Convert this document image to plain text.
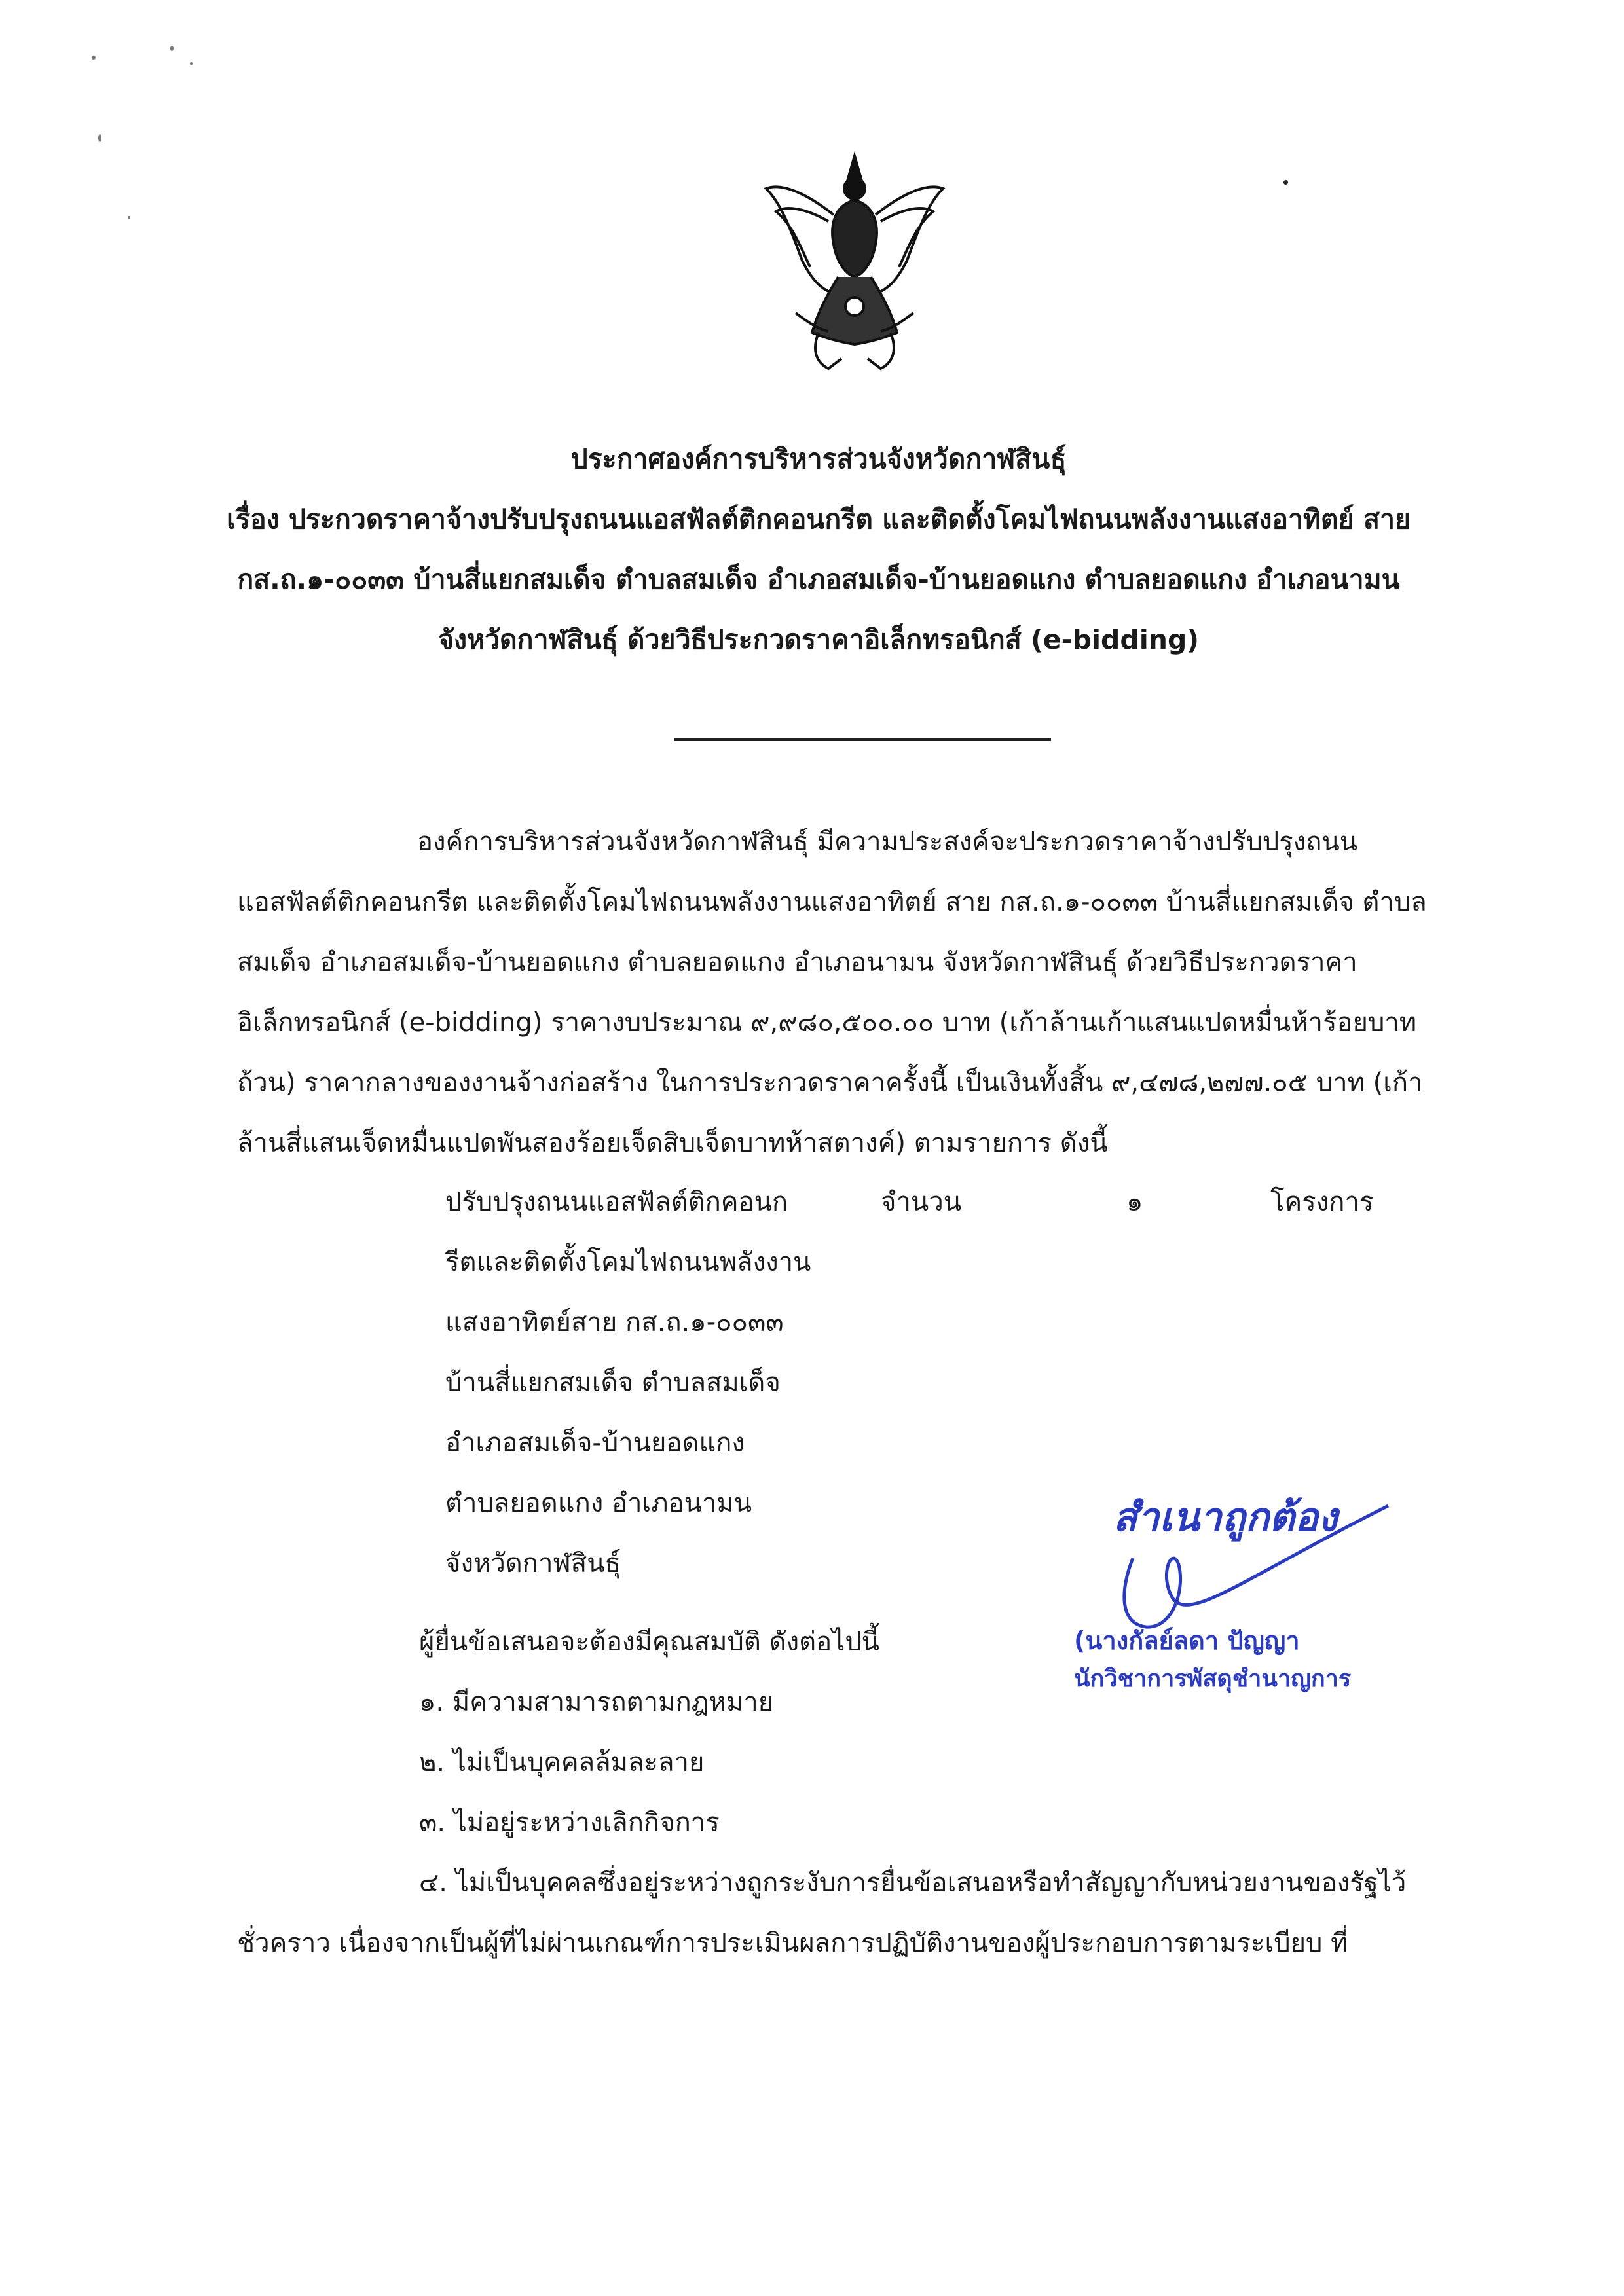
ประกาศองค์การบริหารส่วนจังหวัดกาฬสินธุ์
เรื่อง ประกวดราคาจ้างปรับปรุงถนนแอสฟัลต์ติกคอนกรีต และติดตั้งโคมไฟถนนพลังงานแสงอาทิตย์ สาย
กส.ถ.๑-๐๐๓๓ บ้านสี่แยกสมเด็จ ตำบลสมเด็จ อำเภอสมเด็จ-บ้านยอดแกง ตำบลยอดแกง อำเภอนามน
จังหวัดกาฬสินธุ์ ด้วยวิธีประกวดราคาอิเล็กทรอนิกส์ (e-bidding)
องค์การบริหารส่วนจังหวัดกาฬสินธุ์ มีความประสงค์จะประกวดราคาจ้างปรับปรุงถนน
แอสฟัลต์ติกคอนกรีต และติดตั้งโคมไฟถนนพลังงานแสงอาทิตย์ สาย กส.ถ.๑-๐๐๓๓ บ้านสี่แยกสมเด็จ ตำบล
สมเด็จ อำเภอสมเด็จ-บ้านยอดแกง ตำบลยอดแกง อำเภอนามน จังหวัดกาฬสินธุ์ ด้วยวิธีประกวดราคา
อิเล็กทรอนิกส์ (e-bidding) ราคางบประมาณ ๙,๙๘๐,๕๐๐.๐๐ บาท (เก้าล้านเก้าแสนแปดหมื่นห้าร้อยบาท
ถ้วน) ราคากลางของงานจ้างก่อสร้าง ในการประกวดราคาครั้งนี้ เป็นเงินทั้งสิ้น ๙,๔๗๘,๒๗๗.๐๕ บาท (เก้า
ล้านสี่แสนเจ็ดหมื่นแปดพันสองร้อยเจ็ดสิบเจ็ดบาทห้าสตางค์) ตามรายการ ดังนี้
ปรับปรุงถนนแอสฟัลต์ติกคอนก
รีตและติดตั้งโคมไฟถนนพลังงาน
แสงอาทิตย์สาย กส.ถ.๑-๐๐๓๓
บ้านสี่แยกสมเด็จ ตำบลสมเด็จ
อำเภอสมเด็จ-บ้านยอดแกง
ตำบลยอดแกง อำเภอนามน
จังหวัดกาฬสินธุ์
จำนวน	๑	โครงการ
สำเนาถูกต้อง
(นางกัลย์ลดา ปัญญา
นักวิชาการพัสดุชำนาญการ
ผู้ยื่นข้อเสนอจะต้องมีคุณสมบัติ ดังต่อไปนี้
๑. มีความสามารถตามกฎหมาย
๒. ไม่เป็นบุคคลล้มละลาย
๓. ไม่อยู่ระหว่างเลิกกิจการ
๔. ไม่เป็นบุคคลซึ่งอยู่ระหว่างถูกระงับการยื่นข้อเสนอหรือทำสัญญากับหน่วยงานของรัฐไว้
ชั่วคราว เนื่องจากเป็นผู้ที่ไม่ผ่านเกณฑ์การประเมินผลการปฏิบัติงานของผู้ประกอบการตามระเบียบ ที่
